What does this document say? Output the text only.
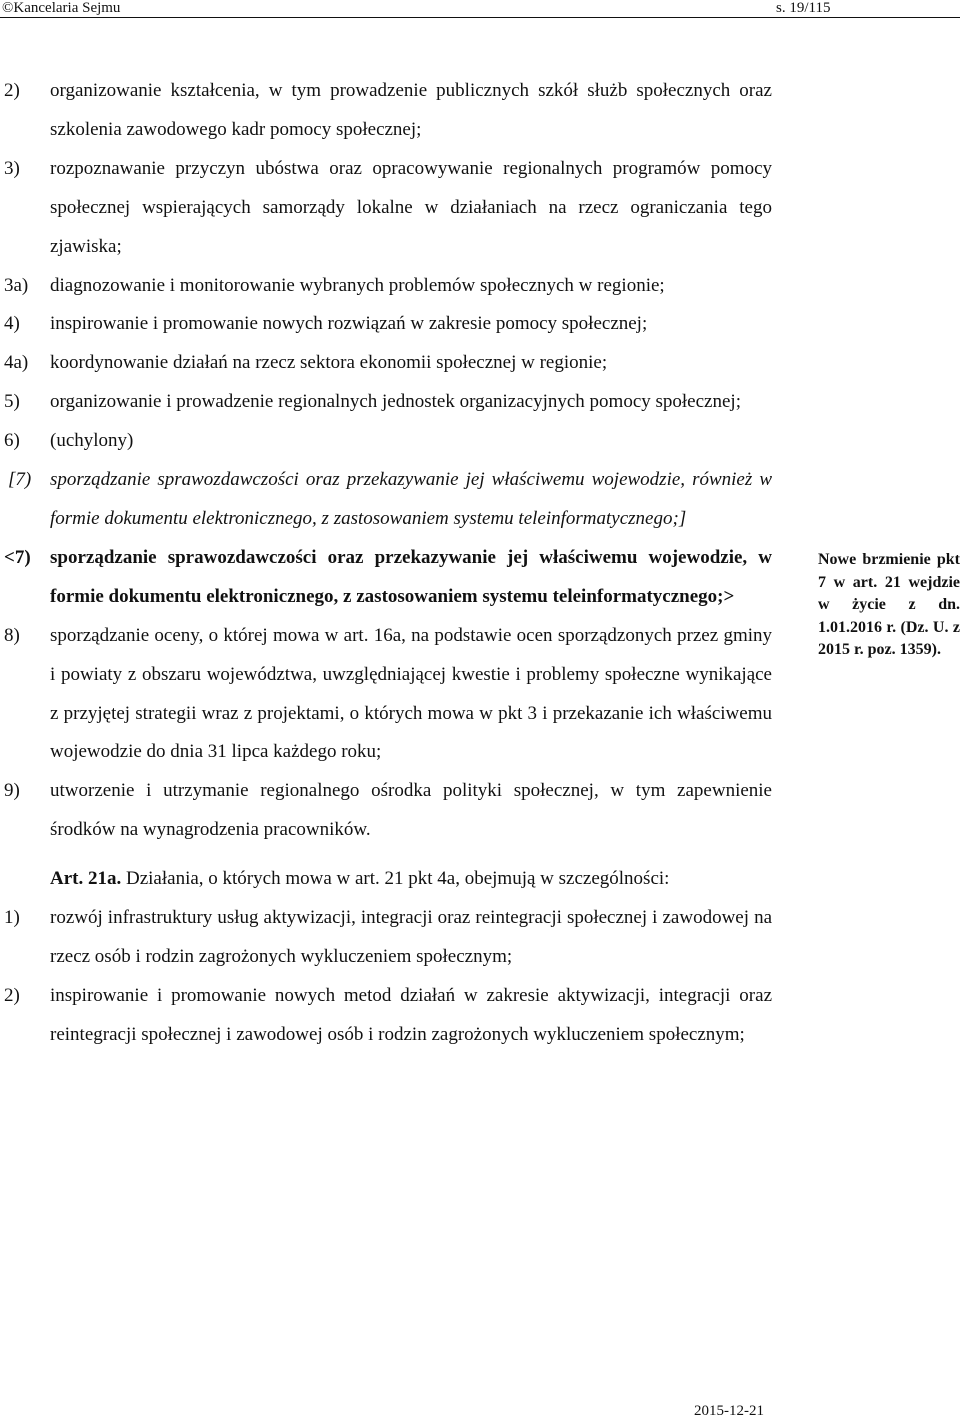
©Kancelaria Sejmu	s. 19/115
2) organizowanie kształcenia, w tym prowadzenie publicznych szkół służb społecznych oraz szkolenia zawodowego kadr pomocy społecznej;
3) rozpoznawanie przyczyn ubóstwa oraz opracowywanie regionalnych programów pomocy społecznej wspierających samorządy lokalne w działaniach na rzecz ograniczania tego zjawiska;
3a) diagnozowanie i monitorowanie wybranych problemów społecznych w regionie;
4) inspirowanie i promowanie nowych rozwiązań w zakresie pomocy społecznej;
4a) koordynowanie działań na rzecz sektora ekonomii społecznej w regionie;
5) organizowanie i prowadzenie regionalnych jednostek organizacyjnych pomocy społecznej;
6) (uchylony)
[7) sporządzanie sprawozdawczości oraz przekazywanie jej właściwemu wojewodzie, również w formie dokumentu elektronicznego, z zastosowaniem systemu teleinformatycznego;]
<7) sporządzanie sprawozdawczości oraz przekazywanie jej właściwemu wojewodzie, w formie dokumentu elektronicznego, z zastosowaniem systemu teleinformatycznego;>
8) sporządzanie oceny, o której mowa w art. 16a, na podstawie ocen sporządzonych przez gminy i powiaty z obszaru województwa, uwzględniającej kwestie i problemy społeczne wynikające z przyjętej strategii wraz z projektami, o których mowa w pkt 3 i przekazanie ich właściwemu wojewodzie do dnia 31 lipca każdego roku;
9) utworzenie i utrzymanie regionalnego ośrodka polityki społecznej, w tym zapewnienie środków na wynagrodzenia pracowników.
Art. 21a. Działania, o których mowa w art. 21 pkt 4a, obejmują w szczególności:
1) rozwój infrastruktury usług aktywizacji, integracji oraz reintegracji społecznej i zawodowej na rzecz osób i rodzin zagrożonych wykluczeniem społecznym;
2) inspirowanie i promowanie nowych metod działań w zakresie aktywizacji, integracji oraz reintegracji społecznej i zawodowej osób i rodzin zagrożonych wykluczeniem społecznym;
Nowe brzmienie pkt 7 w art. 21 wejdzie w życie z dn. 1.01.2016 r. (Dz. U. z 2015 r. poz. 1359).
2015-12-21
